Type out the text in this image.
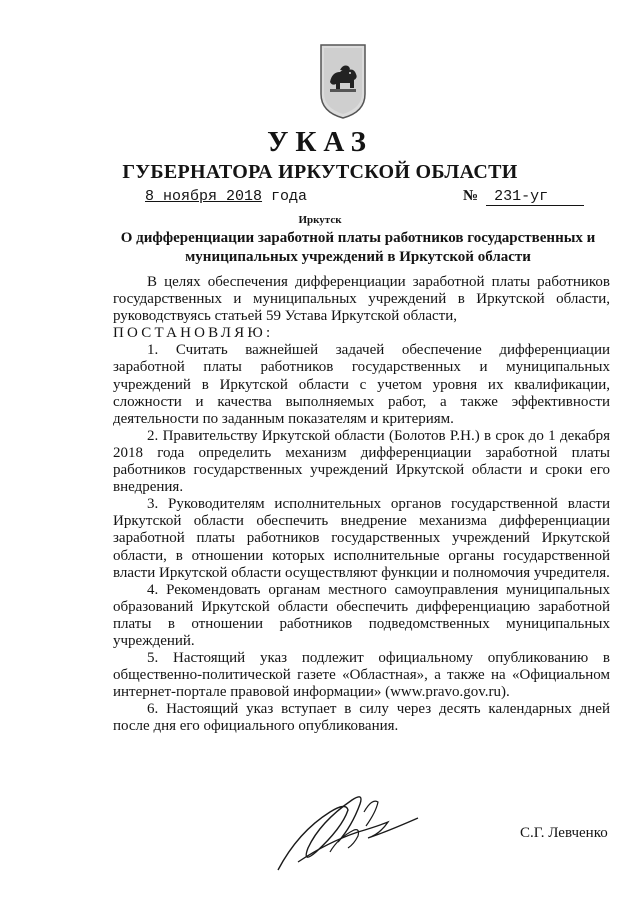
УКАЗ
ГУБЕРНАТОРА ИРКУТСКОЙ ОБЛАСТИ
8 ноября 2018 года	№ 231-уг
Иркутск
О дифференциации заработной платы работников государственных и муниципальных учреждений в Иркутской области

В целях обеспечения дифференциации заработной платы работников государственных и муниципальных учреждений в Иркутской области, руководствуясь статьей 59 Устава Иркутской области,

ПОСТАНОВЛЯЮ:

1. Считать важнейшей задачей обеспечение дифференциации заработной платы работников государственных и муниципальных учреждений в Иркутской области с учетом уровня их квалификации, сложности и качества выполняемых работ, а также эффективности деятельности по заданным показателям и критериям.

2. Правительству Иркутской области (Болотов Р.Н.) в срок до 1 декабря 2018 года определить механизм дифференциации заработной платы работников государственных учреждений Иркутской области и сроки его внедрения.

3. Руководителям исполнительных органов государственной власти Иркутской области обеспечить внедрение механизма дифференциации заработной платы работников государственных учреждений Иркутской области, в отношении которых исполнительные органы государственной власти Иркутской области осуществляют функции и полномочия учредителя.

4. Рекомендовать органам местного самоуправления муниципальных образований Иркутской области обеспечить дифференциацию заработной платы в отношении работников подведомственных муниципальных учреждений.

5. Настоящий указ подлежит официальному опубликованию в общественно-политической газете «Областная», а также на «Официальном интернет-портале правовой информации» (www.pravo.gov.ru).

6. Настоящий указ вступает в силу через десять календарных дней после дня его официального опубликования.

С.Г. Левченко
